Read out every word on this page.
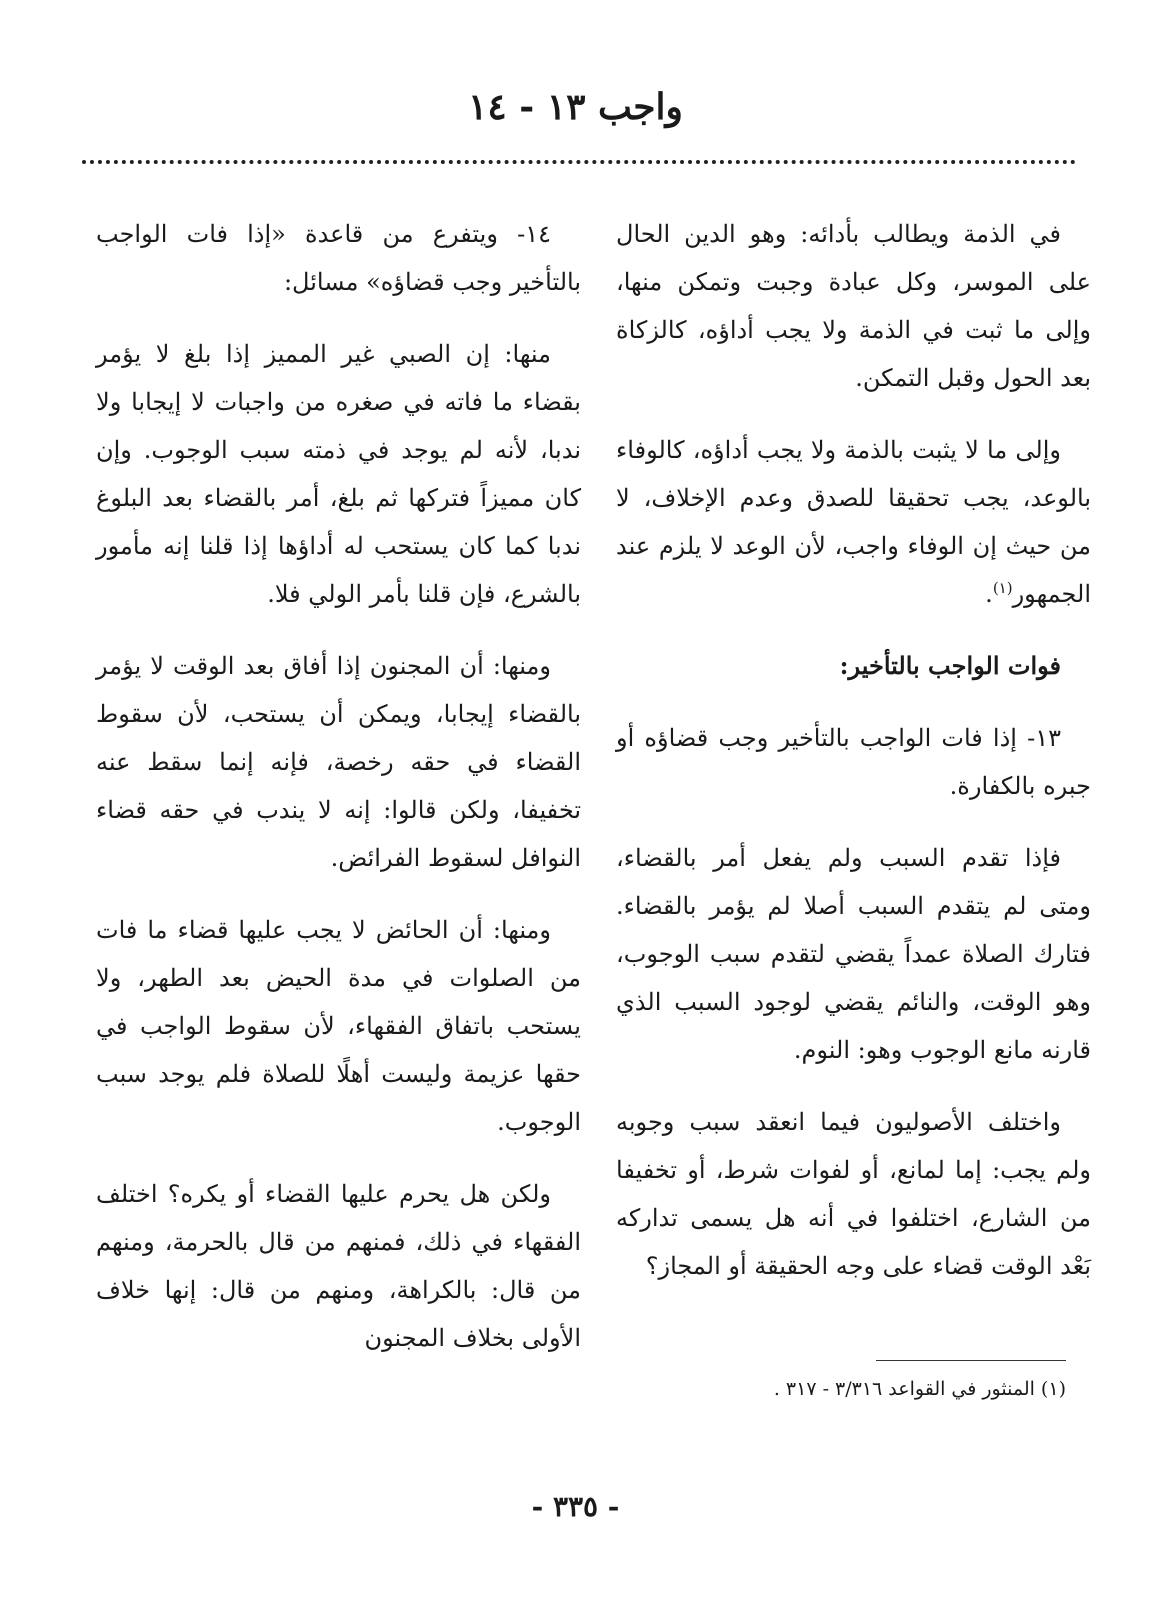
واجب ١٣ - ١٤

في الذمة ويطالب بأدائه: وهو الدين الحال على الموسر، وكل عبادة وجبت وتمكن منها، وإلى ما ثبت في الذمة ولا يجب أداؤه، كالزكاة بعد الحول وقبل التمكن.

وإلى ما لا يثبت بالذمة ولا يجب أداؤه، كالوفاء بالوعد، يجب تحقيقا للصدق وعدم الإخلاف، لا من حيث إن الوفاء واجب، لأن الوعد لا يلزم عند الجمهور$^{(١)}$.

فوات الواجب بالتأخير:

١٣- إذا فات الواجب بالتأخير وجب قضاؤه أو جبره بالكفارة.

فإذا تقدم السبب ولم يفعل أمر بالقضاء، ومتى لم يتقدم السبب أصلا لم يؤمر بالقضاء. فتارك الصلاة عمداً يقضي لتقدم سبب الوجوب، وهو الوقت، والنائم يقضي لوجود السبب الذي قارنه مانع الوجوب وهو: النوم.

واختلف الأصوليون فيما انعقد سبب وجوبه ولم يجب: إما لمانع، أو لفوات شرط، أو تخفيفا من الشارع، اختلفوا في أنه هل يسمى تداركه بَعْد الوقت قضاء على وجه الحقيقة أو المجاز؟

١٤- ويتفرع من قاعدة «إذا فات الواجب بالتأخير وجب قضاؤه» مسائل:

منها: إن الصبي غير المميز إذا بلغ لا يؤمر بقضاء ما فاته في صغره من واجبات لا إيجابا ولا ندبا، لأنه لم يوجد في ذمته سبب الوجوب. وإن كان مميزاً فتركها ثم بلغ، أمر بالقضاء بعد البلوغ ندبا كما كان يستحب له أداؤها إذا قلنا إنه مأمور بالشرع، فإن قلنا بأمر الولي فلا.

ومنها: أن المجنون إذا أفاق بعد الوقت لا يؤمر بالقضاء إيجابا، ويمكن أن يستحب، لأن سقوط القضاء في حقه رخصة، فإنه إنما سقط عنه تخفيفا، ولكن قالوا: إنه لا يندب في حقه قضاء النوافل لسقوط الفرائض.

ومنها: أن الحائض لا يجب عليها قضاء ما فات من الصلوات في مدة الحيض بعد الطهر، ولا يستحب باتفاق الفقهاء، لأن سقوط الواجب في حقها عزيمة وليست أهلًا للصلاة فلم يوجد سبب الوجوب.

ولكن هل يحرم عليها القضاء أو يكره؟ اختلف الفقهاء في ذلك، فمنهم من قال بالحرمة، ومنهم من قال: بالكراهة، ومنهم من قال: إنها خلاف الأولى بخلاف المجنون

(١) المنثور في القواعد ٣/٣١٦ - ٣١٧ .
- ٣٣٥ -
